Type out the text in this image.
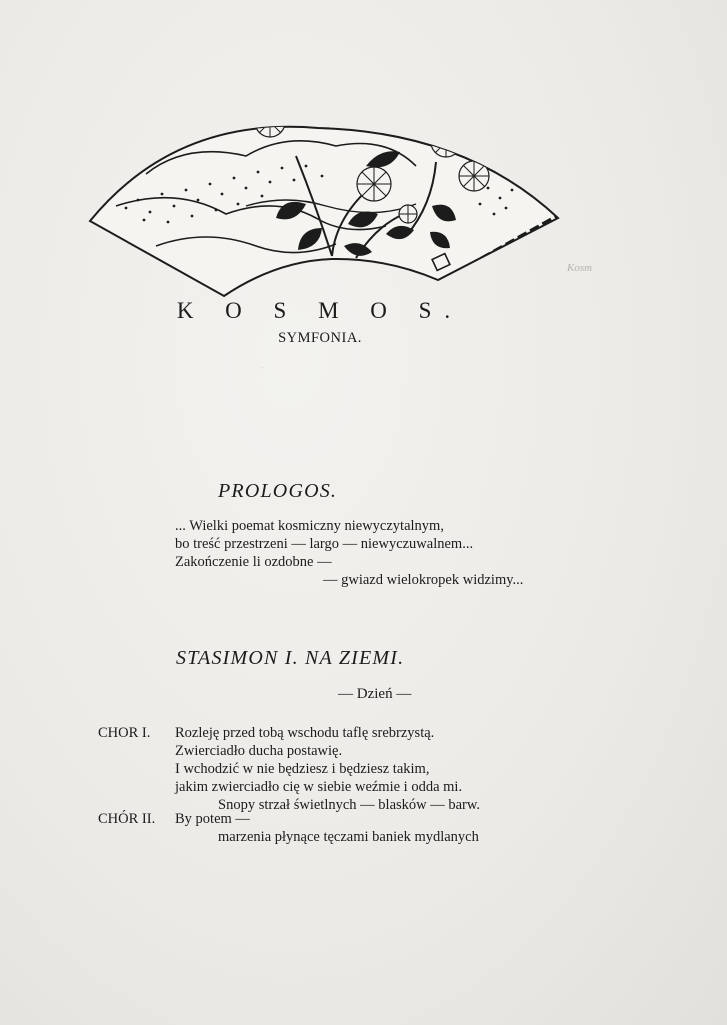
K O S M O S.
SYMFONIA.
Kosm
·
PROLOGOS.
... Wielki poemat kosmiczny niewyczytalnym,
bo treść przestrzeni — largo — niewyczuwalnem...
Zakończenie li ozdobne —
— gwiazd wielokropek widzimy...
STASIMON I. NA ZIEMI.
— Dzień —
CHOR I. Rozleję przed tobą wschodu taflę srebrzystą.
Zwierciadło ducha postawię.
I wchodzić w nie będziesz i będziesz takim,
jakim zwierciadło cię w siebie weźmie i odda mi.
Snopy strzał świetlnych — blasków — barw.
CHÓR II. By potem —
marzenia płynące tęczami baniek mydlanych
